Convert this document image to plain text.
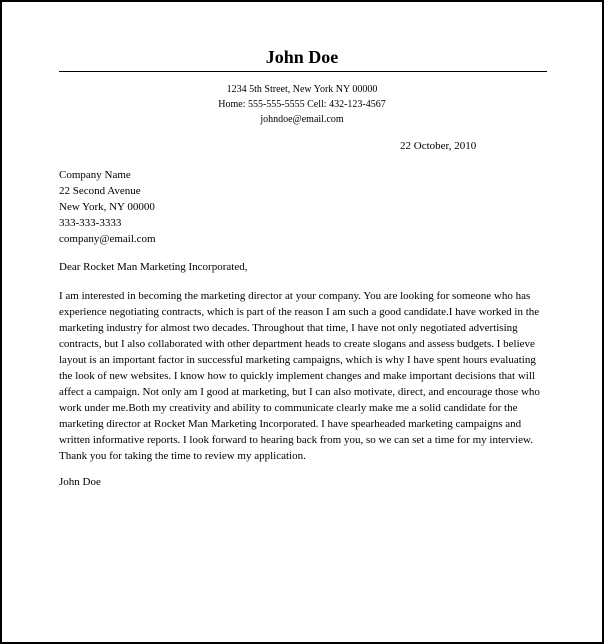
John Doe
1234 5th Street, New York NY 00000
Home: 555-555-5555 Cell: 432-123-4567
johndoe@email.com
22 October, 2010
Company Name
22 Second Avenue
New York, NY 00000
333-333-3333
company@email.com
Dear Rocket Man Marketing Incorporated,
I am interested in becoming the marketing director at your company. You are looking for someone who has
experience negotiating contracts, which is part of the reason I am such a good candidate.I have worked in the
marketing industry for almost two decades. Throughout that time, I have not only negotiated advertising
contracts, but I also collaborated with other department heads to create slogans and assess budgets. I believe
layout is an important factor in successful marketing campaigns, which is why I have spent hours evaluating
the look of new websites. I know how to quickly implement changes and make important decisions that will
affect a campaign. Not only am I good at marketing, but I can also motivate, direct, and encourage those who
work under me.Both my creativity and ability to communicate clearly make me a solid candidate for the
marketing director at Rocket Man Marketing Incorporated. I have spearheaded marketing campaigns and
written informative reports. I look forward to hearing back from you, so we can set a time for my interview.
Thank you for taking the time to review my application.
John Doe
